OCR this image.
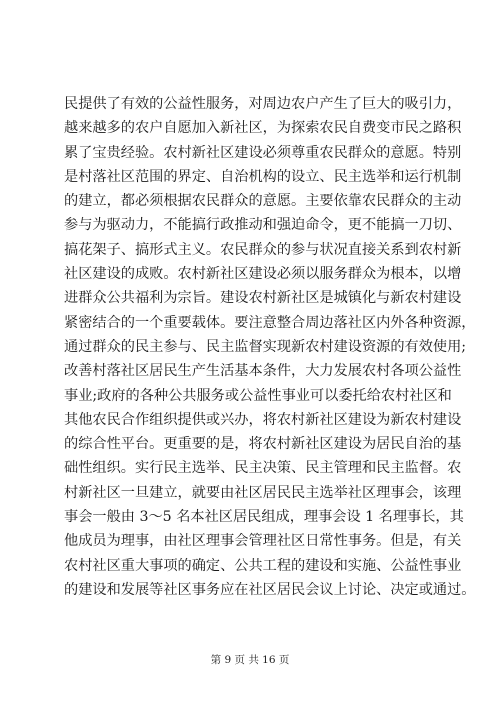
民提供了有效的公益性服务，对周边农户产生了巨大的吸引力，
越来越多的农户自愿加入新社区，为探索农民自费变市民之路积
累了宝贵经验。农村新社区建设必须尊重农民群众的意愿。特别
是村落社区范围的界定、自治机构的设立、民主选举和运行机制
的建立，都必须根据农民群众的意愿。主要依靠农民群众的主动
参与为驱动力，不能搞行政推动和强迫命令，更不能搞一刀切、
搞花架子、搞形式主义。农民群众的参与状况直接关系到农村新
社区建设的成败。农村新社区建设必须以服务群众为根本，以增
进群众公共福利为宗旨。建设农村新社区是城镇化与新农村建设
紧密结合的一个重要载体。要注意整合周边落社区内外各种资源，
通过群众的民主参与、民主监督实现新农村建设资源的有效使用;
改善村落社区居民生产生活基本条件，大力发展农村各项公益性
事业;政府的各种公共服务或公益性事业可以委托给农村社区和
其他农民合作组织提供或兴办，将农村新社区建设为新农村建设
的综合性平台。更重要的是，将农村新社区建设为居民自治的基
础性组织。实行民主选举、民主决策、民主管理和民主监督。农
村新社区一旦建立，就要由社区居民民主选举社区理事会，该理
事会一般由 3～5 名本社区居民组成，理事会设 1 名理事长，其
他成员为理事，由社区理事会管理社区日常性事务。但是，有关
农村社区重大事项的确定、公共工程的建设和实施、公益性事业
的建设和发展等社区事务应在社区居民会议上讨论、决定或通过。
第 9 页 共 16 页
